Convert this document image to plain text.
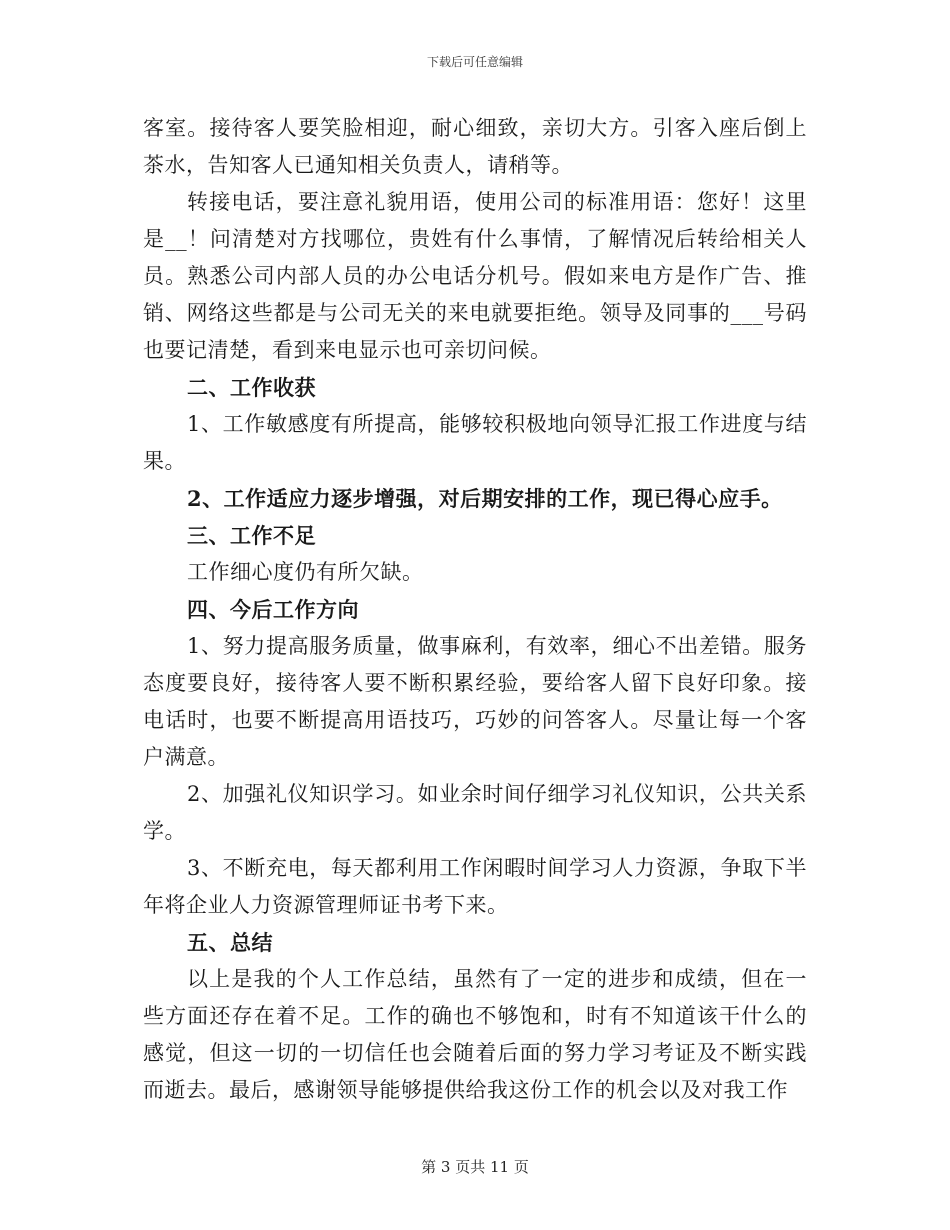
下载后可任意编辑

客室。接待客人要笑脸相迎，耐心细致，亲切大方。引客入座后倒上茶水，告知客人已通知相关负责人，请稍等。

转接电话，要注意礼貌用语，使用公司的标准用语：您好！这里是__！问清楚对方找哪位，贵姓有什么事情，了解情况后转给相关人员。熟悉公司内部人员的办公电话分机号。假如来电方是作广告、推销、网络这些都是与公司无关的来电就要拒绝。领导及同事的___号码也要记清楚，看到来电显示也可亲切问候。

二、工作收获

1、工作敏感度有所提高，能够较积极地向领导汇报工作进度与结果。

2、工作适应力逐步增强，对后期安排的工作，现已得心应手。

三、工作不足

工作细心度仍有所欠缺。

四、今后工作方向

1、努力提高服务质量，做事麻利，有效率，细心不出差错。服务态度要良好，接待客人要不断积累经验，要给客人留下良好印象。接电话时，也要不断提高用语技巧，巧妙的问答客人。尽量让每一个客户满意。

2、加强礼仪知识学习。如业余时间仔细学习礼仪知识，公共关系学。

3、不断充电，每天都利用工作闲暇时间学习人力资源，争取下半年将企业人力资源管理师证书考下来。

五、总结

以上是我的个人工作总结，虽然有了一定的进步和成绩，但在一些方面还存在着不足。工作的确也不够饱和，时有不知道该干什么的感觉，但这一切的一切信任也会随着后面的努力学习考证及不断实践而逝去。最后，感谢领导能够提供给我这份工作的机会以及对我工作

第 3 页共 11 页
